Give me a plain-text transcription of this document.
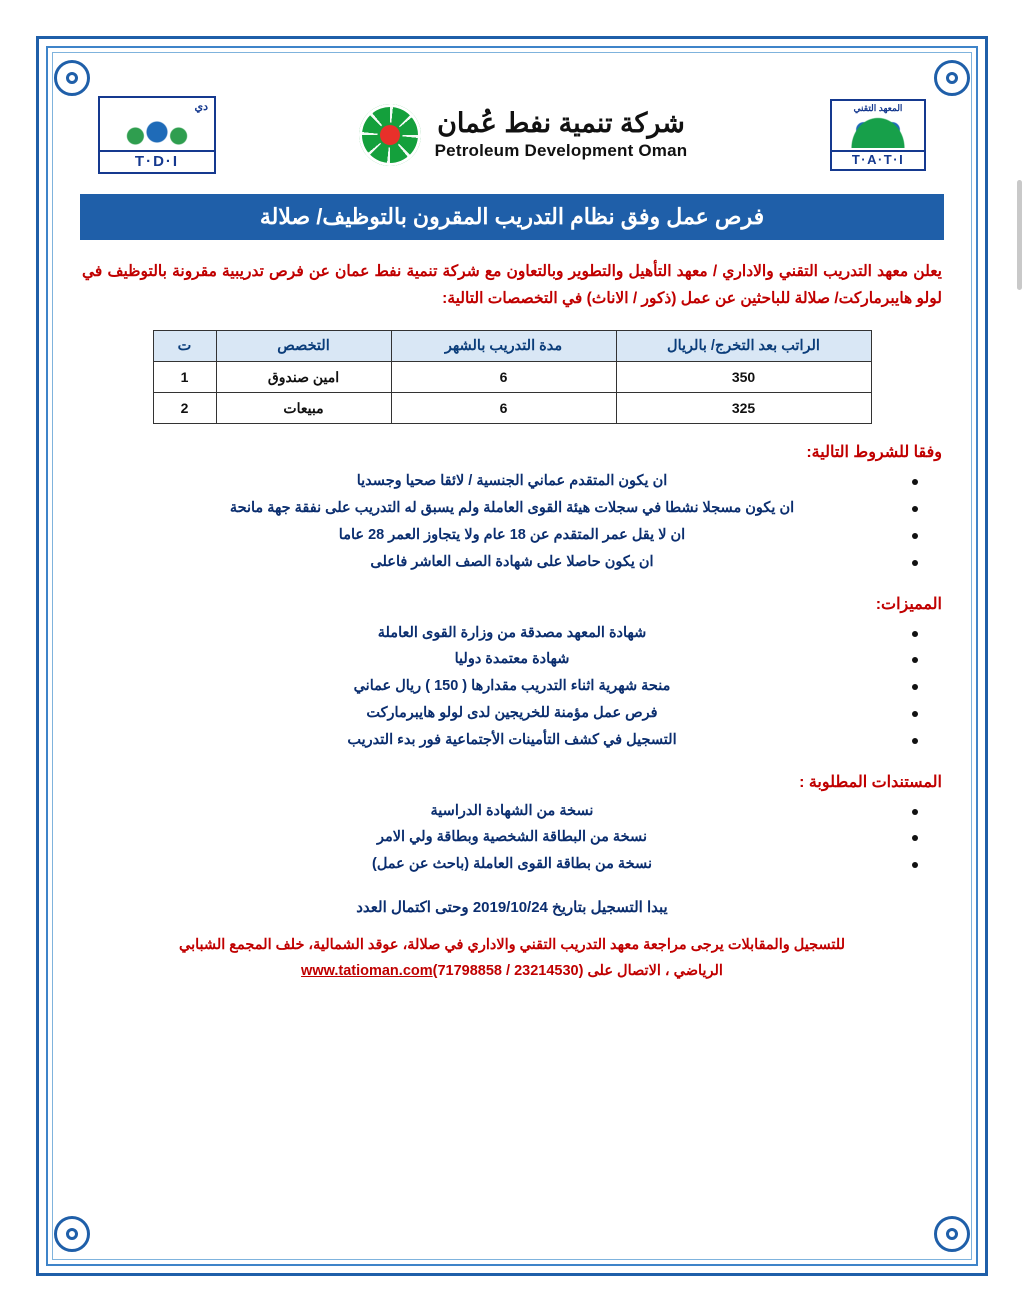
دي
T·D·I
شركة تنمية نفط عُمان
Petroleum Development Oman
المعهد التقني
T·A·T·I
فرص عمل وفق نظام التدريب المقرون بالتوظيف/ صلالة
يعلن معهد التدريب التقني والاداري / معهد التأهيل والتطوير وبالتعاون مع شركة تنمية نفط عمان عن فرص تدريبية مقرونة بالتوظيف في لولو هايبرماركت/ صلالة للباحثين عن عمل (ذكور / الاناث) في التخصصات التالية:
الراتب بعد التخرج/ بالريال	مدة التدريب بالشهر	التخصص	ت
350	6	امين صندوق	1
325	6	مبيعات	2
وفقا للشروط التالية:
ان يكون المتقدم عماني الجنسية / لائقا صحيا وجسديا
ان يكون مسجلا نشطا في سجلات هيئة القوى العاملة ولم يسبق له التدريب على نفقة جهة مانحة
ان لا يقل عمر المتقدم عن 18 عام ولا يتجاوز العمر 28 عاما
ان يكون حاصلا على شهادة الصف العاشر فاعلى
المميزات:
شهادة المعهد مصدقة من وزارة القوى العاملة
شهادة معتمدة دوليا
منحة شهرية اثناء التدريب مقدارها ( 150 ) ريال عماني
فرص عمل مؤمنة للخريجين لدى لولو هايبرماركت
التسجيل في كشف التأمينات الأجتماعية فور بدء التدريب
المستندات المطلوبة :
نسخة من الشهادة الدراسية
نسخة من البطاقة الشخصية وبطاقة ولي الامر
نسخة من بطاقة القوى العاملة (باحث عن عمل)
يبدا التسجيل بتاريخ 2019/10/24 وحتى اكتمال العدد
للتسجيل والمقابلات يرجى مراجعة معهد التدريب التقني والاداري في صلالة، عوقد الشمالية، خلف المجمع الشبابي
الرياضي ، الاتصال على (23214530 / 71798858)www.tatioman.com
